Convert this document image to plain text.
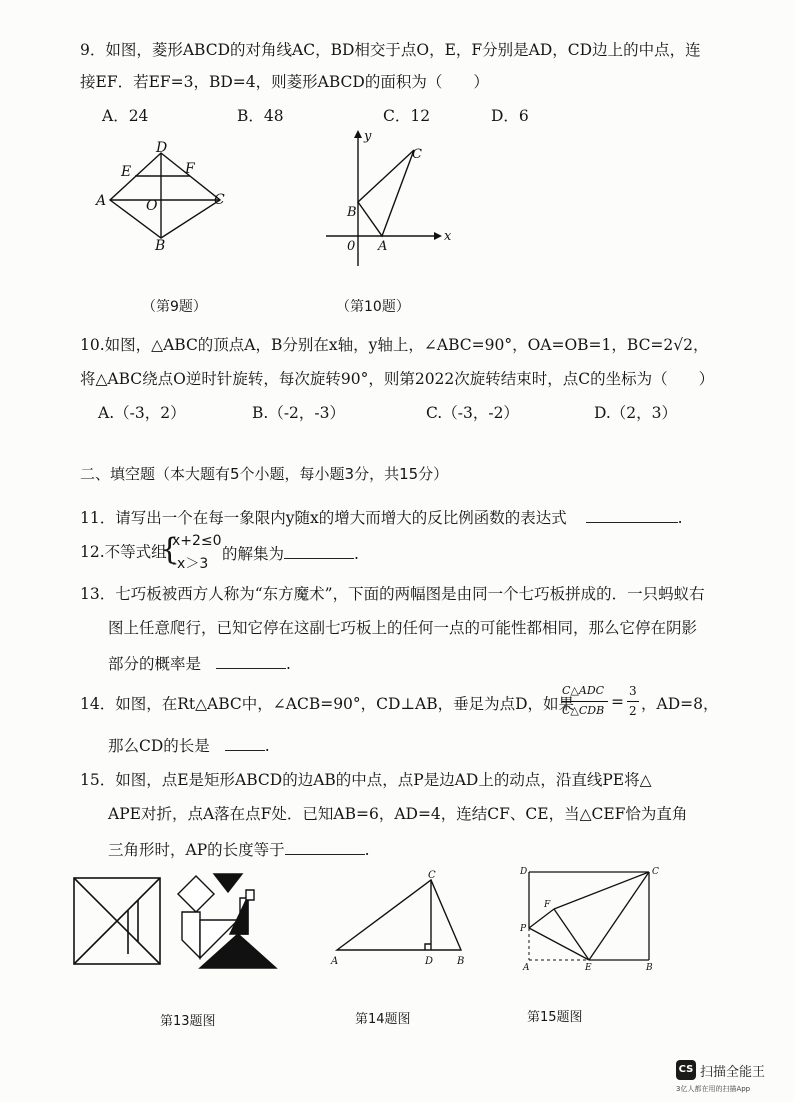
9．如图，菱形ABCD的对角线AC，BD相交于点O，E，F分别是AD，CD边上的中点，连
接EF．若EF=3，BD=4，则菱形ABCD的面积为（　　）
A．24	B．48	C．12	D．6
D
E	F
A	O	C
B
y
C
B
0 A
x
（第9题）	（第10题）
10.如图，△ABC的顶点A，B分别在x轴，y轴上，∠ABC=90°，OA=OB=1，BC=2√2，
将△ABC绕点O逆时针旋转，每次旋转90°，则第2022次旋转结束时，点C的坐标为（　　）
A.（-3，2）	B.（-2，-3）	C.（-3，-2）	D.（2，3）
二、填空题（本大题有5个小题，每小题3分，共15分）
11．请写出一个在每一象限内y随x的增大而增大的反比例函数的表达式	.
12.不等式组
{
x+2≤0
-x＞3
的解集为	.
13．七巧板被西方人称为“东方魔术”，下面的两幅图是由同一个七巧板拼成的．一只蚂蚁右
图上任意爬行，已知它停在这副七巧板上的任何一点的可能性都相同，那么它停在阴影
部分的概率是	.
14．如图，在Rt△ABC中，∠ACB=90°，CD⊥AB，垂足为点D，如果
C△ADC
C△CDB =
3
2 ，AD=8，
那么CD的长是	.
15．如图，点E是矩形ABCD的边AB的中点，点P是边AD上的动点，沿直线PE将△
APE对折，点A落在点F处．已知AB=6，AD=4，连结CF、CE，当△CEF恰为直角
三角形时，AP的长度等于	.
C
A	D B
D	C
F
P
A	E	B
第13题图	第14题图	第15题图
CS 扫描全能王
3亿人都在用的扫描App
